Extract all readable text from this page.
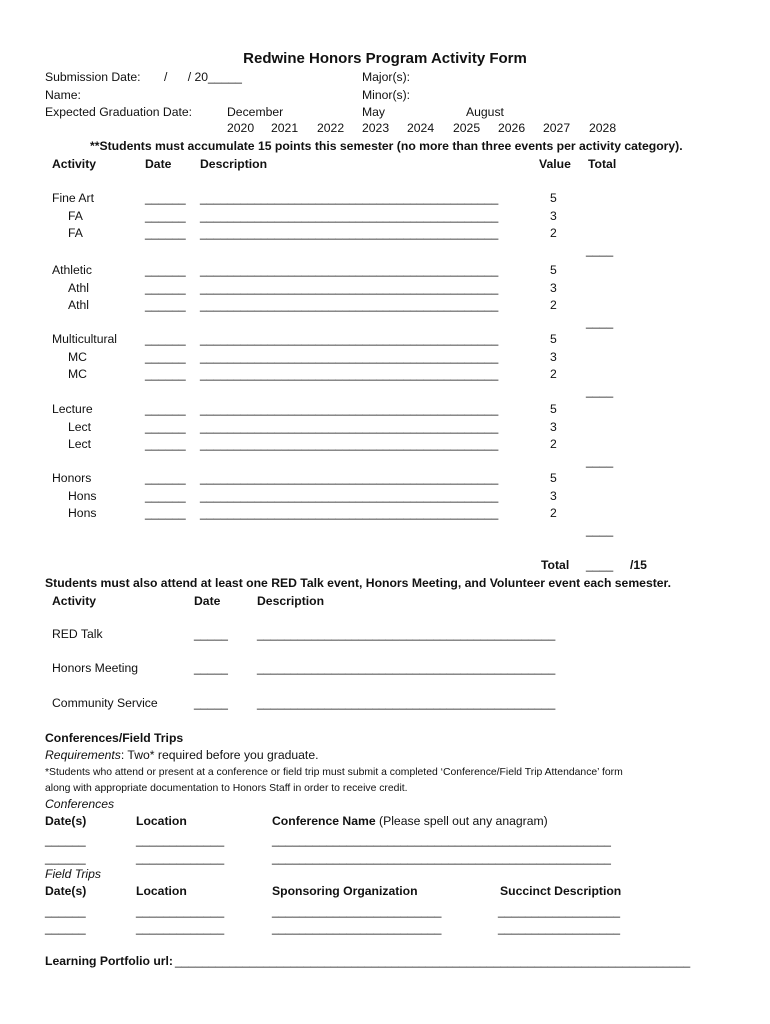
Redwine Honors Program Activity Form
Submission Date: /      / 20_____	Major(s):
Name:	Minor(s):
Expected Graduation Date:	December	May	August
2020 2021 2022 2023 2024 2025 2026 2027 2028
**Students must accumulate 15 points this semester (no more than three events per activity category).
Activity	Date Description	Value Total
Fine Art	______ ____________________________________________	5
FA	______ ____________________________________________	3
FA	______ ____________________________________________	2
____
Athletic	______ ____________________________________________	5
Athl	______ ____________________________________________	3
Athl	______ ____________________________________________	2
____
Multicultural ______ ____________________________________________	5
MC	______ ____________________________________________	3
MC	______ ____________________________________________	2
____
Lecture	______ ____________________________________________	5
Lect	______ ____________________________________________	3
Lect	______ ____________________________________________	2
____
Honors	______ ____________________________________________	5
Hons	______ ____________________________________________	3
Hons	______ ____________________________________________	2
____
Total ____ /15
Students must also attend at least one RED Talk event, Honors Meeting, and Volunteer event each semester.
Activity	Date	Description
RED Talk	_____ ____________________________________________
Honors Meeting	_____ ____________________________________________
Community Service	_____ ____________________________________________
Conferences/Field Trips
Requirements: Two* required before you graduate.
*Students who attend or present at a conference or field trip must submit a completed ‘Conference/Field Trip Attendance’ form
along with appropriate documentation to Honors Staff in order to receive credit.
Conferences
Date(s)	Location	Conference Name (Please spell out any anagram)
______	_____________	__________________________________________________
______	_____________	__________________________________________________
Field Trips
Date(s)	Location	Sponsoring Organization	Succinct Description
______	_____________	_________________________	__________________
______	_____________	_________________________	__________________
Learning Portfolio url: ____________________________________________________________________________
